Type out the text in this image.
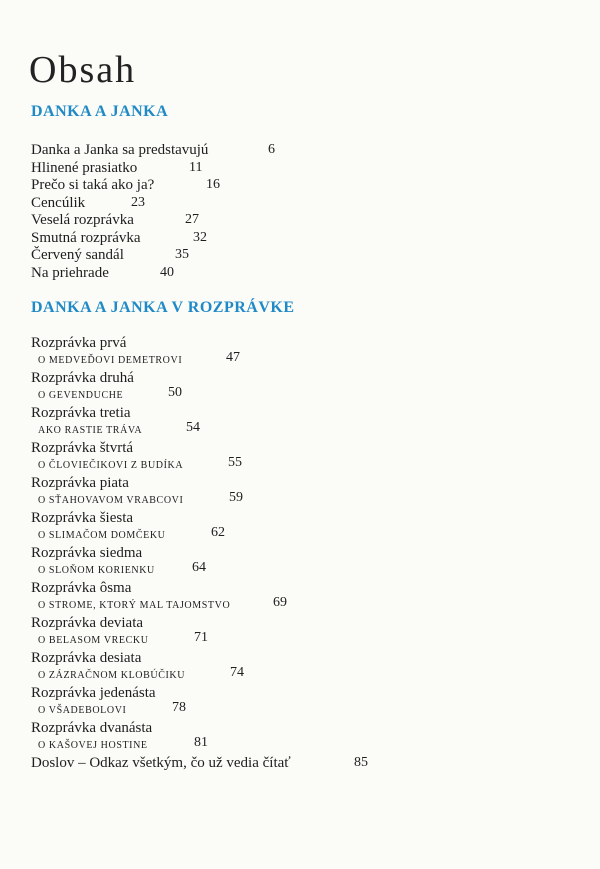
Obsah
DANKA A JANKA
Danka a Janka sa predstavujú	6
Hlinené prasiatko	11
Prečo si taká ako ja?	16
Cencúlik	23
Veselá rozprávka	27
Smutná rozprávka	32
Červený sandál	35
Na priehrade	40
DANKA A JANKA V ROZPRÁVKE
Rozprávka prvá
O MEDVEĎOVI DEMETROVI	47
Rozprávka druhá
O GEVENDUCHE	50
Rozprávka tretia
AKO RASTIE TRÁVA	54
Rozprávka štvrtá
O ČLOVIEČIKOVI Z BUDÍKA	55
Rozprávka piata
O SŤAHOVAVOM VRABCOVI	59
Rozprávka šiesta
O SLIMAČOM DOMČEKU	62
Rozprávka siedma
O SLOŇOM KORIENKU	64
Rozprávka ôsma
O STROME, KTORÝ MAL TAJOMSTVO	69
Rozprávka deviata
O BELASOM VRECKU	71
Rozprávka desiata
O ZÁZRAČNOM KLOBÚČIKU	74
Rozprávka jedenásta
O VŠADEBOLOVI	78
Rozprávka dvanásta
O KAŠOVEJ HOSTINE	81
Doslov – Odkaz všetkým, čo už vedia čítať	85
